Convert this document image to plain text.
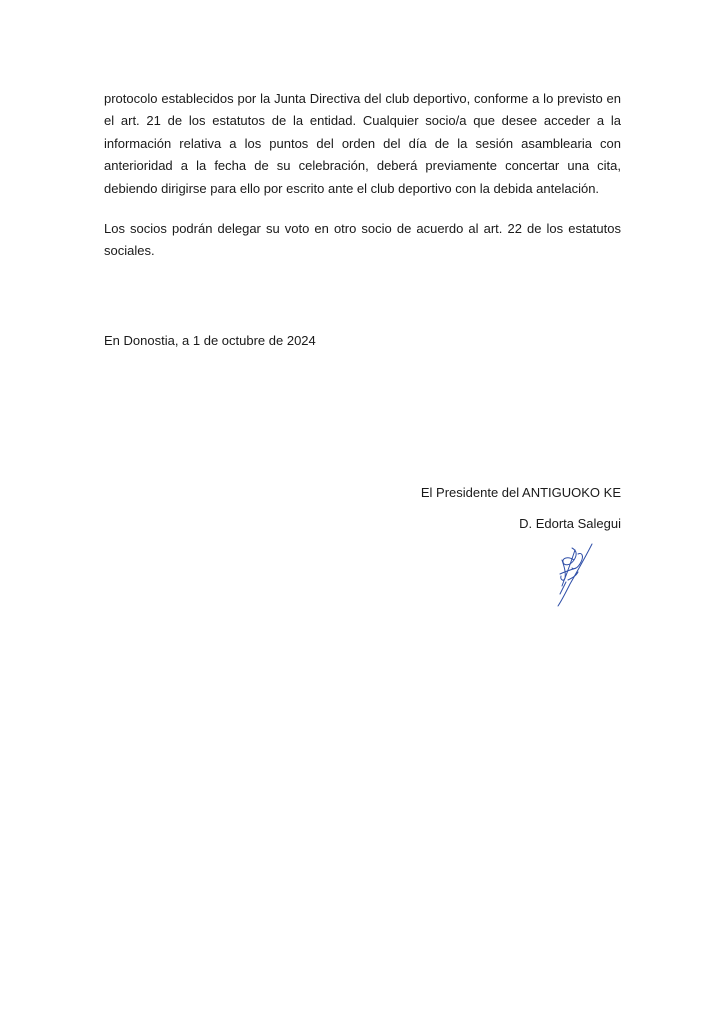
protocolo establecidos por la Junta Directiva del club deportivo, conforme a lo previsto en el art. 21 de los estatutos de la entidad. Cualquier socio/a que desee acceder a la información relativa a los puntos del orden del día de la sesión asamblearia con anterioridad a la fecha de su celebración, deberá previamente concertar una cita, debiendo dirigirse para ello por escrito ante el club deportivo con la debida antelación.

Los socios podrán delegar su voto en otro socio de acuerdo al art. 22 de los estatutos sociales.

En Donostia, a 1 de octubre de 2024

El Presidente del ANTIGUOKO KE

D. Edorta Salegui
